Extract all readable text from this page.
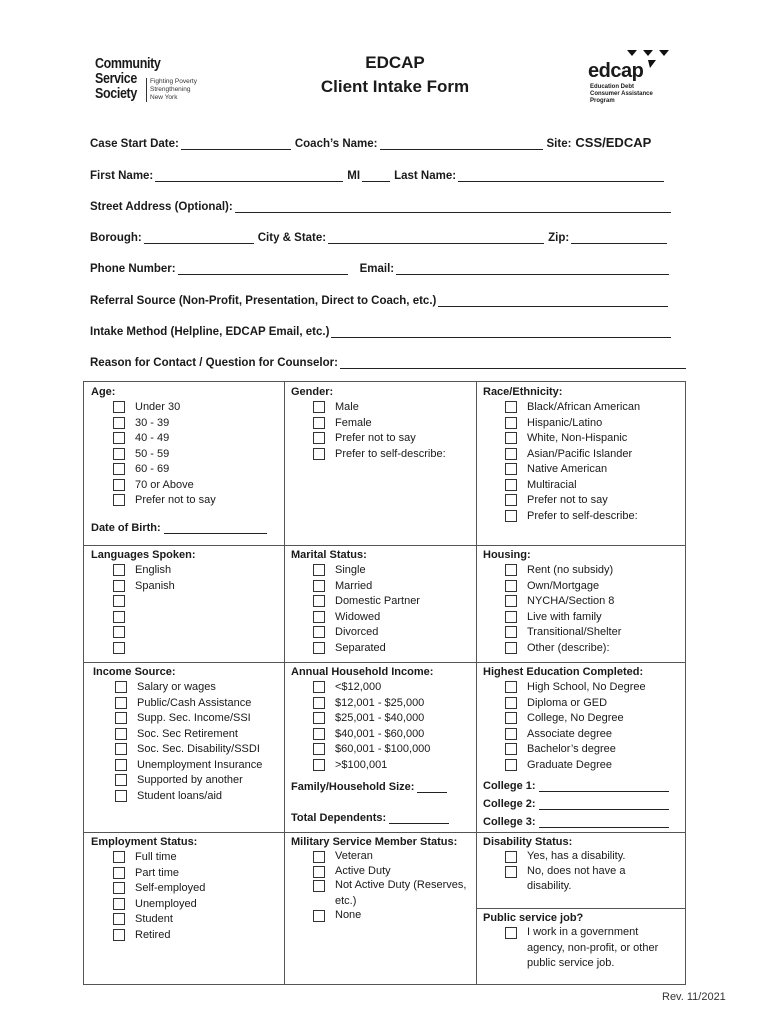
Community
Service
Society
Fighting Poverty
Strengthening
New York
EDCAP
Client Intake Form
edcap
Education Debt
Consumer Assistance
Program
Case Start Date:	Coach’s Name:	Site: CSS/EDCAP
First Name:	MI	Last Name:
Street Address (Optional):
Borough:	City & State:	Zip:
Phone Number:	Email:
Referral Source (Non-Profit, Presentation, Direct to Coach, etc.)
Intake Method (Helpline, EDCAP Email, etc.)
Reason for Contact / Question for Counselor:
Age:
Under 30
30 - 39
40 - 49
50 - 59
60 - 69
70 or Above
Prefer not to say
Date of Birth:
Gender:
Male
Female
Prefer not to say
Prefer to self-describe:
Race/Ethnicity:
Black/African American
Hispanic/Latino
White, Non-Hispanic
Asian/Pacific Islander
Native American
Multiracial
Prefer not to say
Prefer to self-describe:
Languages Spoken:
English
Spanish
Marital Status:
Single
Married
Domestic Partner
Widowed
Divorced
Separated
Housing:
Rent (no subsidy)
Own/Mortgage
NYCHA/Section 8
Live with family
Transitional/Shelter
Other (describe):
Income Source:
Salary or wages
Public/Cash Assistance
Supp. Sec. Income/SSI
Soc. Sec Retirement
Soc. Sec. Disability/SSDI
Unemployment Insurance
Supported by another
Student loans/aid
Annual Household Income:
<$12,000
$12,001 - $25,000
$25,001 - $40,000
$40,001 - $60,000
$60,001 - $100,000
>$100,001
Family/Household Size:
Total Dependents:
Highest Education Completed:
High School, No Degree
Diploma or GED
College, No Degree
Associate degree
Bachelor’s degree
Graduate Degree
College 1:
College 2:
College 3:
Employment Status:
Full time
Part time
Self-employed
Unemployed
Student
Retired
Military Service Member Status:
Veteran
Active Duty
Not Active Duty (Reserves, etc.)
None
Disability Status:
Yes, has a disability.
No, does not have a disability.
Public service job?
I work in a government agency, non-profit, or other public service job.
Rev. 11/2021
